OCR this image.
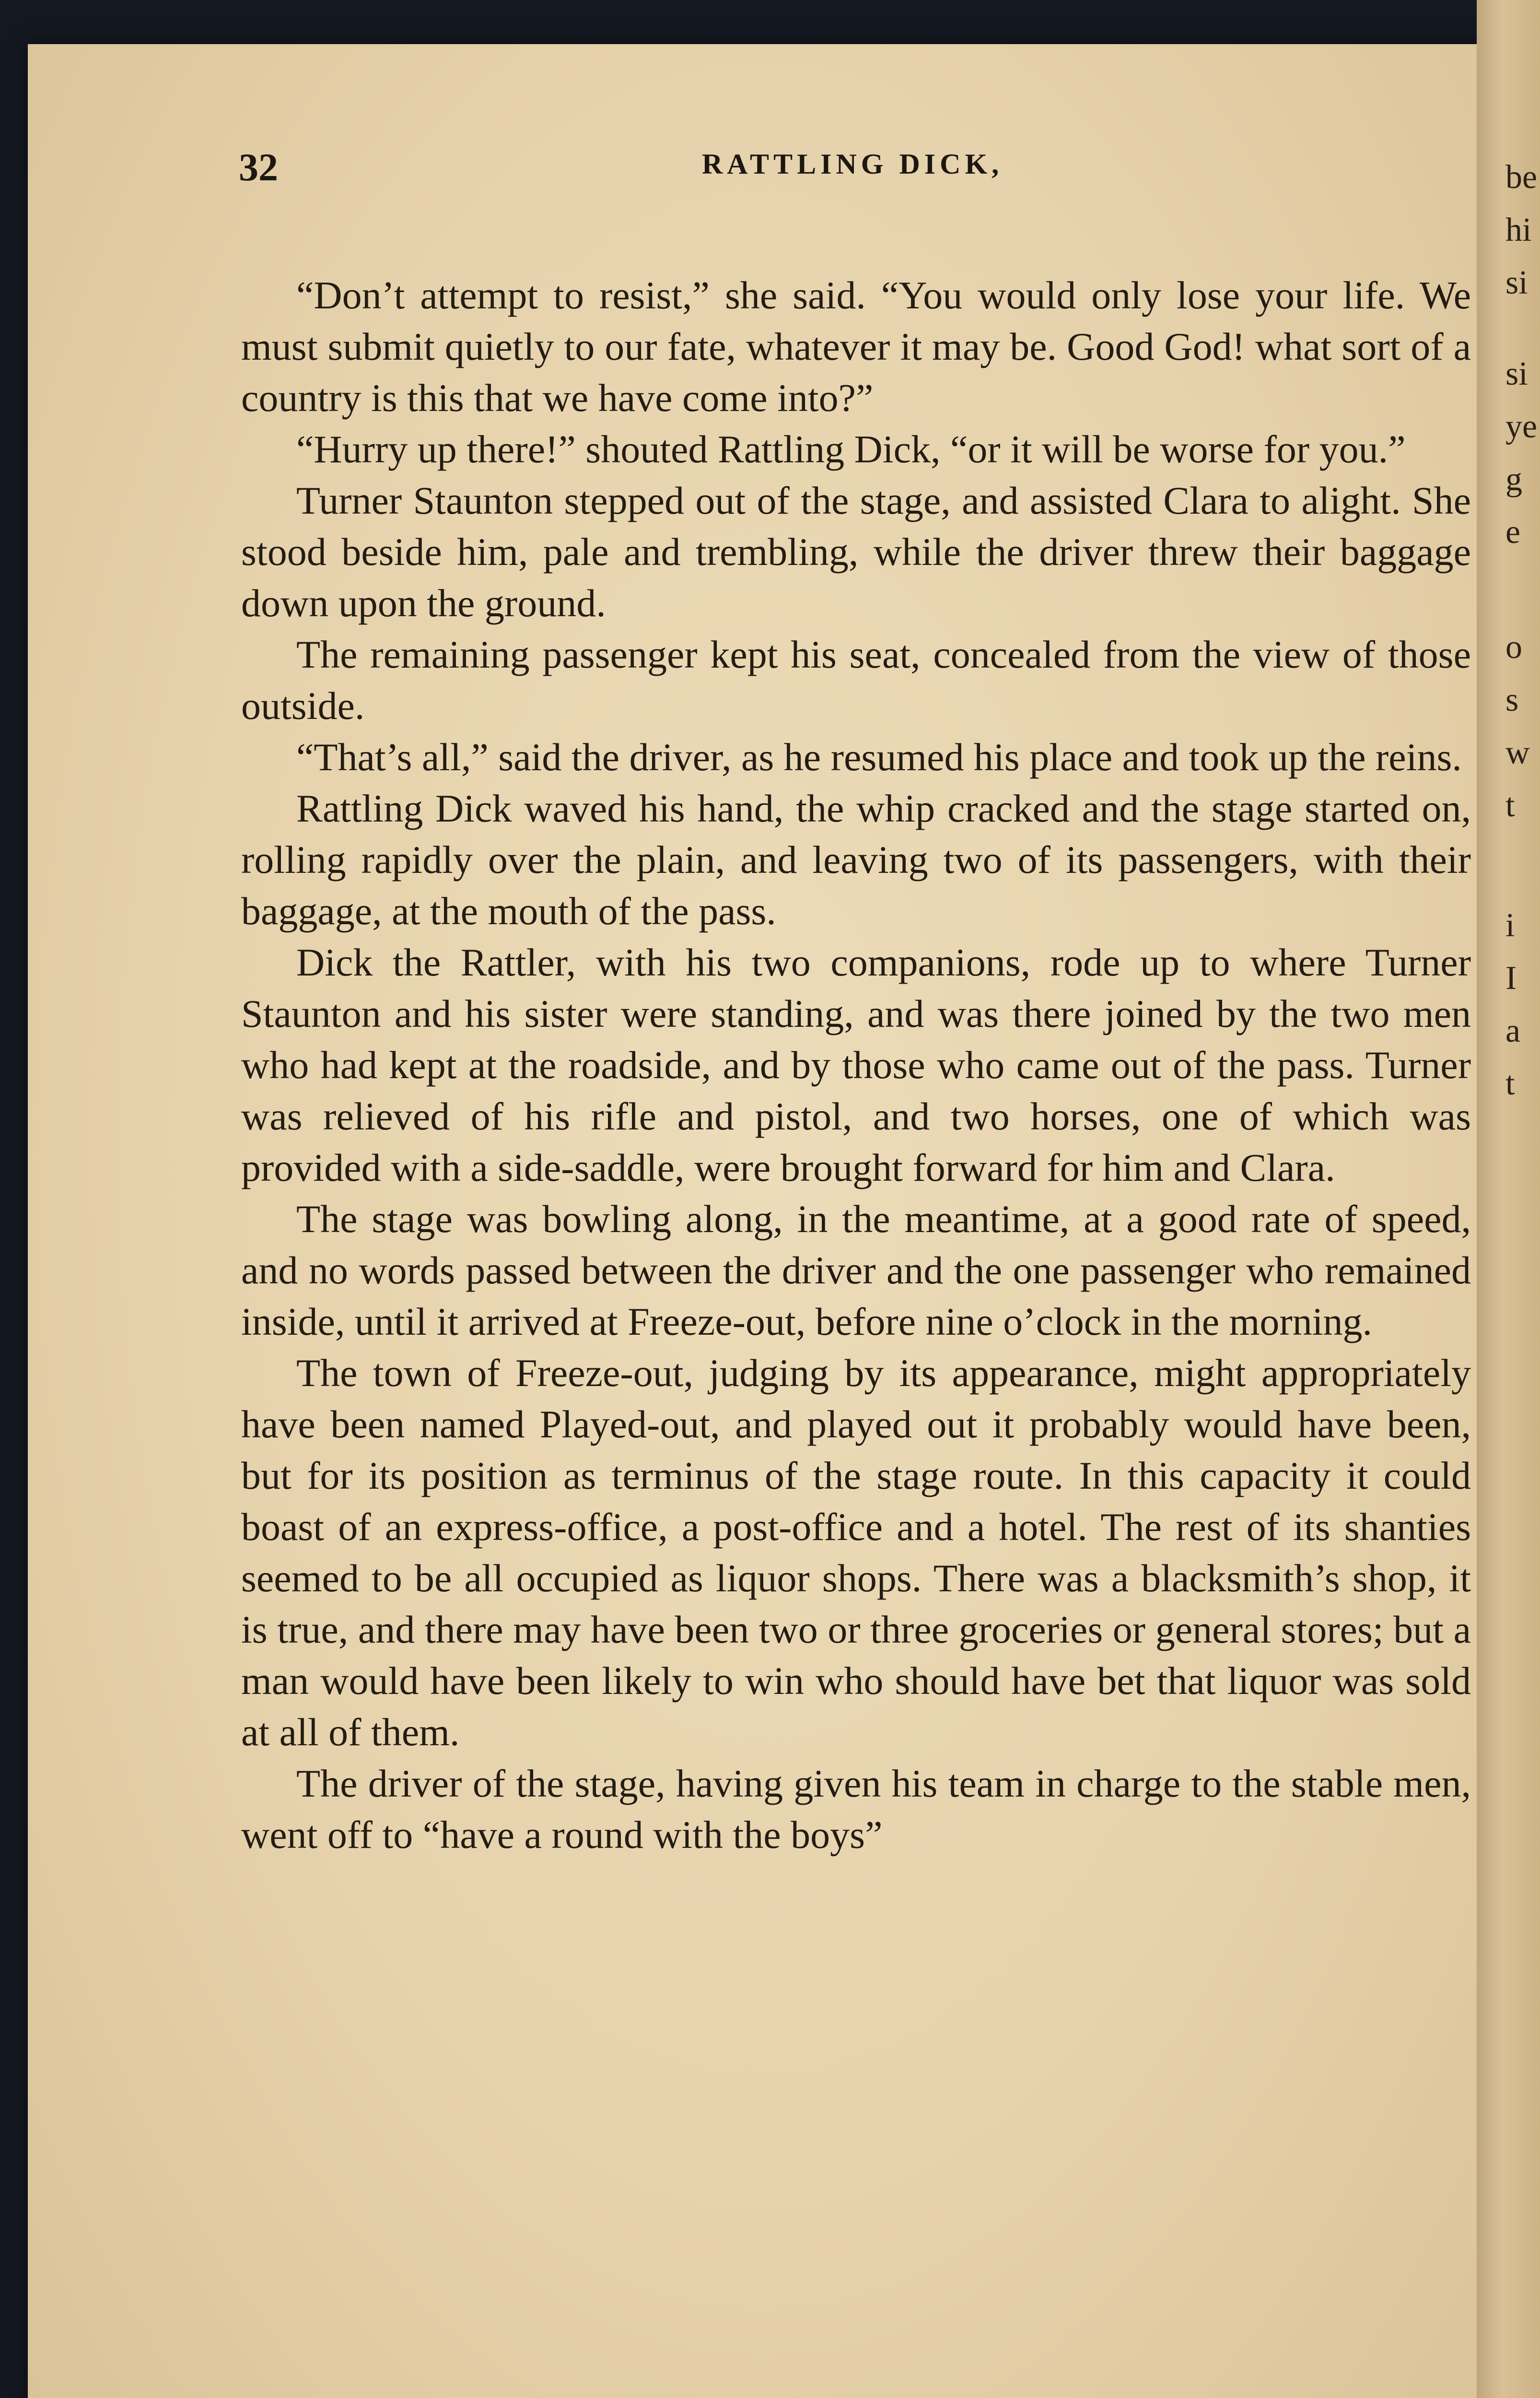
32	RATTLING DICK,

“Don’t attempt to resist,” she said. “You would only lose your life. We must submit quietly to our fate, whatever it may be. Good God! what sort of a country is this that we have come into?”

“Hurry up there!” shouted Rattling Dick, “or it will be worse for you.”

Turner Staunton stepped out of the stage, and assisted Clara to alight. She stood beside him, pale and trembling, while the driver threw their baggage down upon the ground.

The remaining passenger kept his seat, concealed from the view of those outside.

“That’s all,” said the driver, as he resumed his place and took up the reins.

Rattling Dick waved his hand, the whip cracked and the stage started on, rolling rapidly over the plain, and leaving two of its passengers, with their baggage, at the mouth of the pass.

Dick the Rattler, with his two companions, rode up to where Turner Staunton and his sister were standing, and was there joined by the two men who had kept at the roadside, and by those who came out of the pass. Turner was relieved of his rifle and pistol, and two horses, one of which was provided with a side-saddle, were brought forward for him and Clara.

The stage was bowling along, in the meantime, at a good rate of speed, and no words passed between the driver and the one passenger who remained inside, until it arrived at Freeze-out, before nine o’clock in the morning.

The town of Freeze-out, judging by its appearance, might appropriately have been named Played-out, and played out it probably would have been, but for its position as terminus of the stage route. In this capacity it could boast of an express-office, a post-office and a hotel. The rest of its shanties seemed to be all occupied as liquor shops. There was a blacksmith’s shop, it is true, and there may have been two or three groceries or general stores; but a man would have been likely to win who should have bet that liquor was sold at all of them.

The driver of the stage, having given his team in charge to the stable men, went off to “have a round with the boys”

be
hi
si
si
ye
g
e
o
s
w
t
i
I
a
t
